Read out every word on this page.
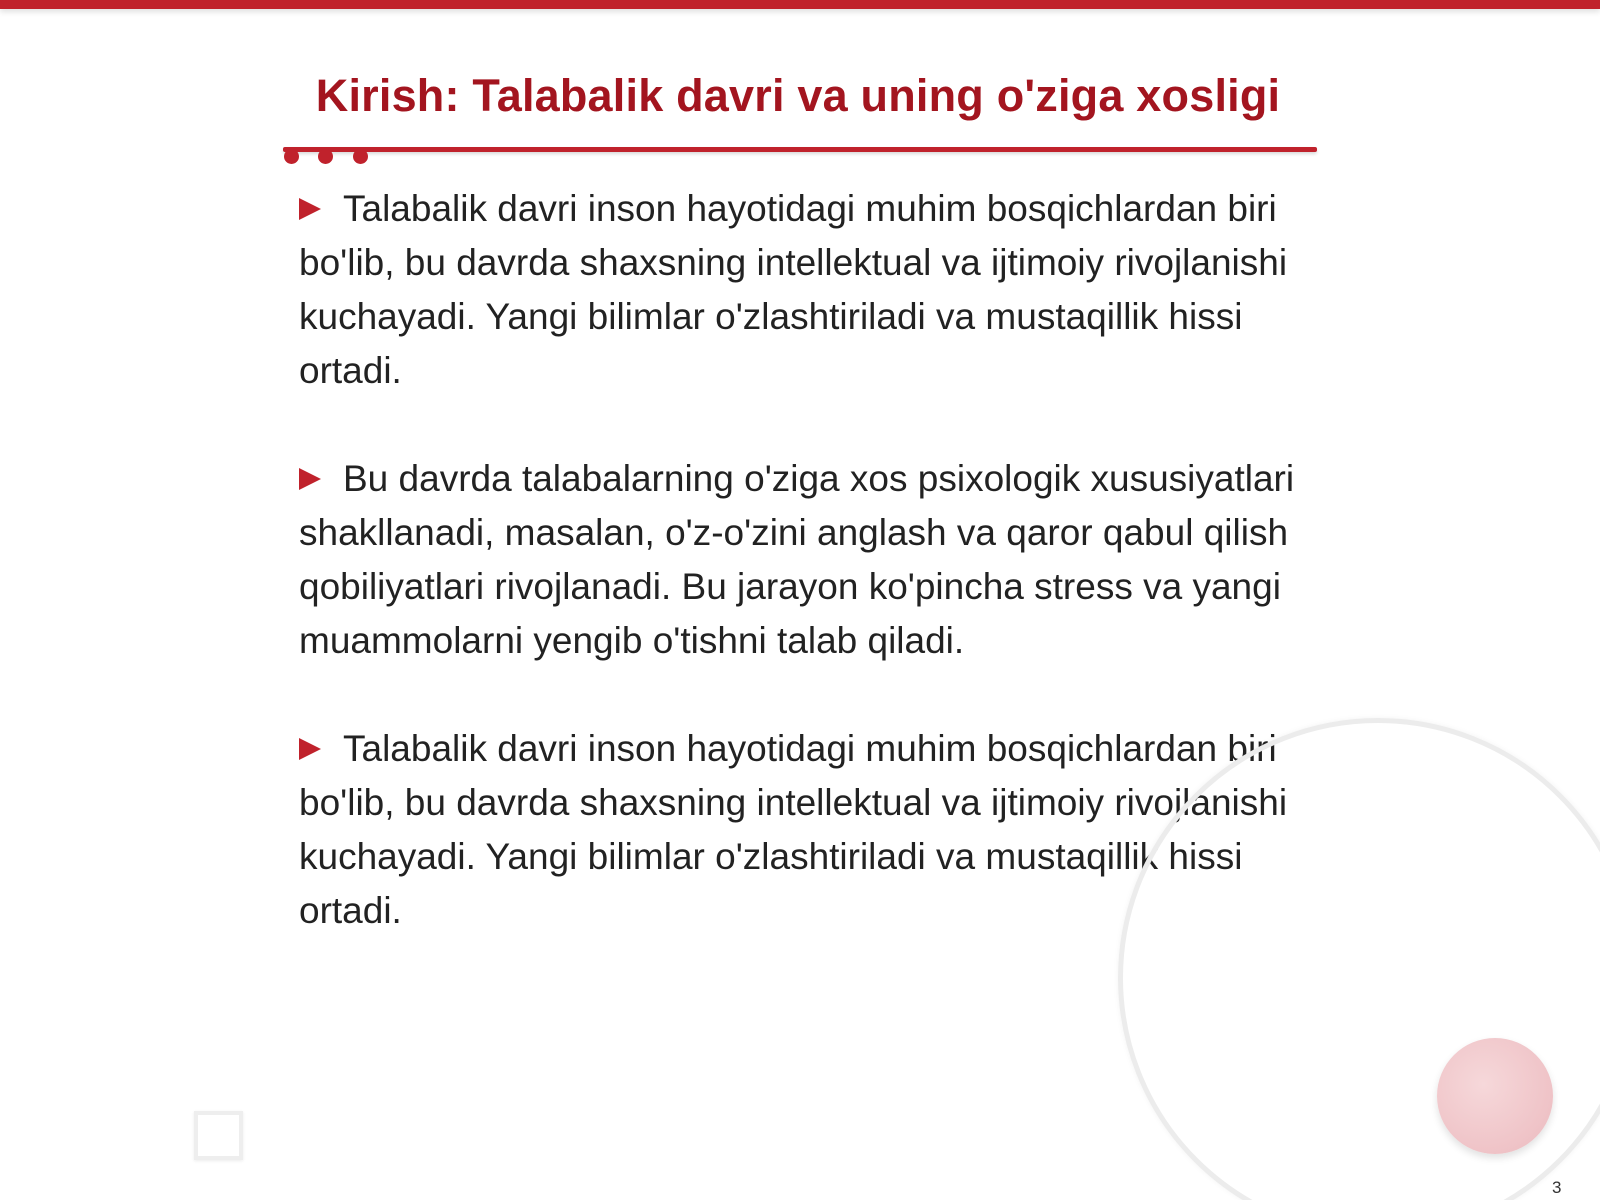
Kirish: Talabalik davri va uning o'ziga xosligi
Talabalik davri inson hayotidagi muhim bosqichlardan biri bo'lib, bu davrda shaxsning intellektual va ijtimoiy rivojlanishi kuchayadi. Yangi bilimlar o'zlashtiriladi va mustaqillik hissi ortadi.
Bu davrda talabalarning o'ziga xos psixologik xususiyatlari shakllanadi, masalan, o'z-o'zini anglash va qaror qabul qilish qobiliyatlari rivojlanadi. Bu jarayon ko'pincha stress va yangi muammolarni yengib o'tishni talab qiladi.
Talabalik davri inson hayotidagi muhim bosqichlardan biri bo'lib, bu davrda shaxsning intellektual va ijtimoiy rivojlanishi kuchayadi. Yangi bilimlar o'zlashtiriladi va mustaqillik hissi ortadi.
3
